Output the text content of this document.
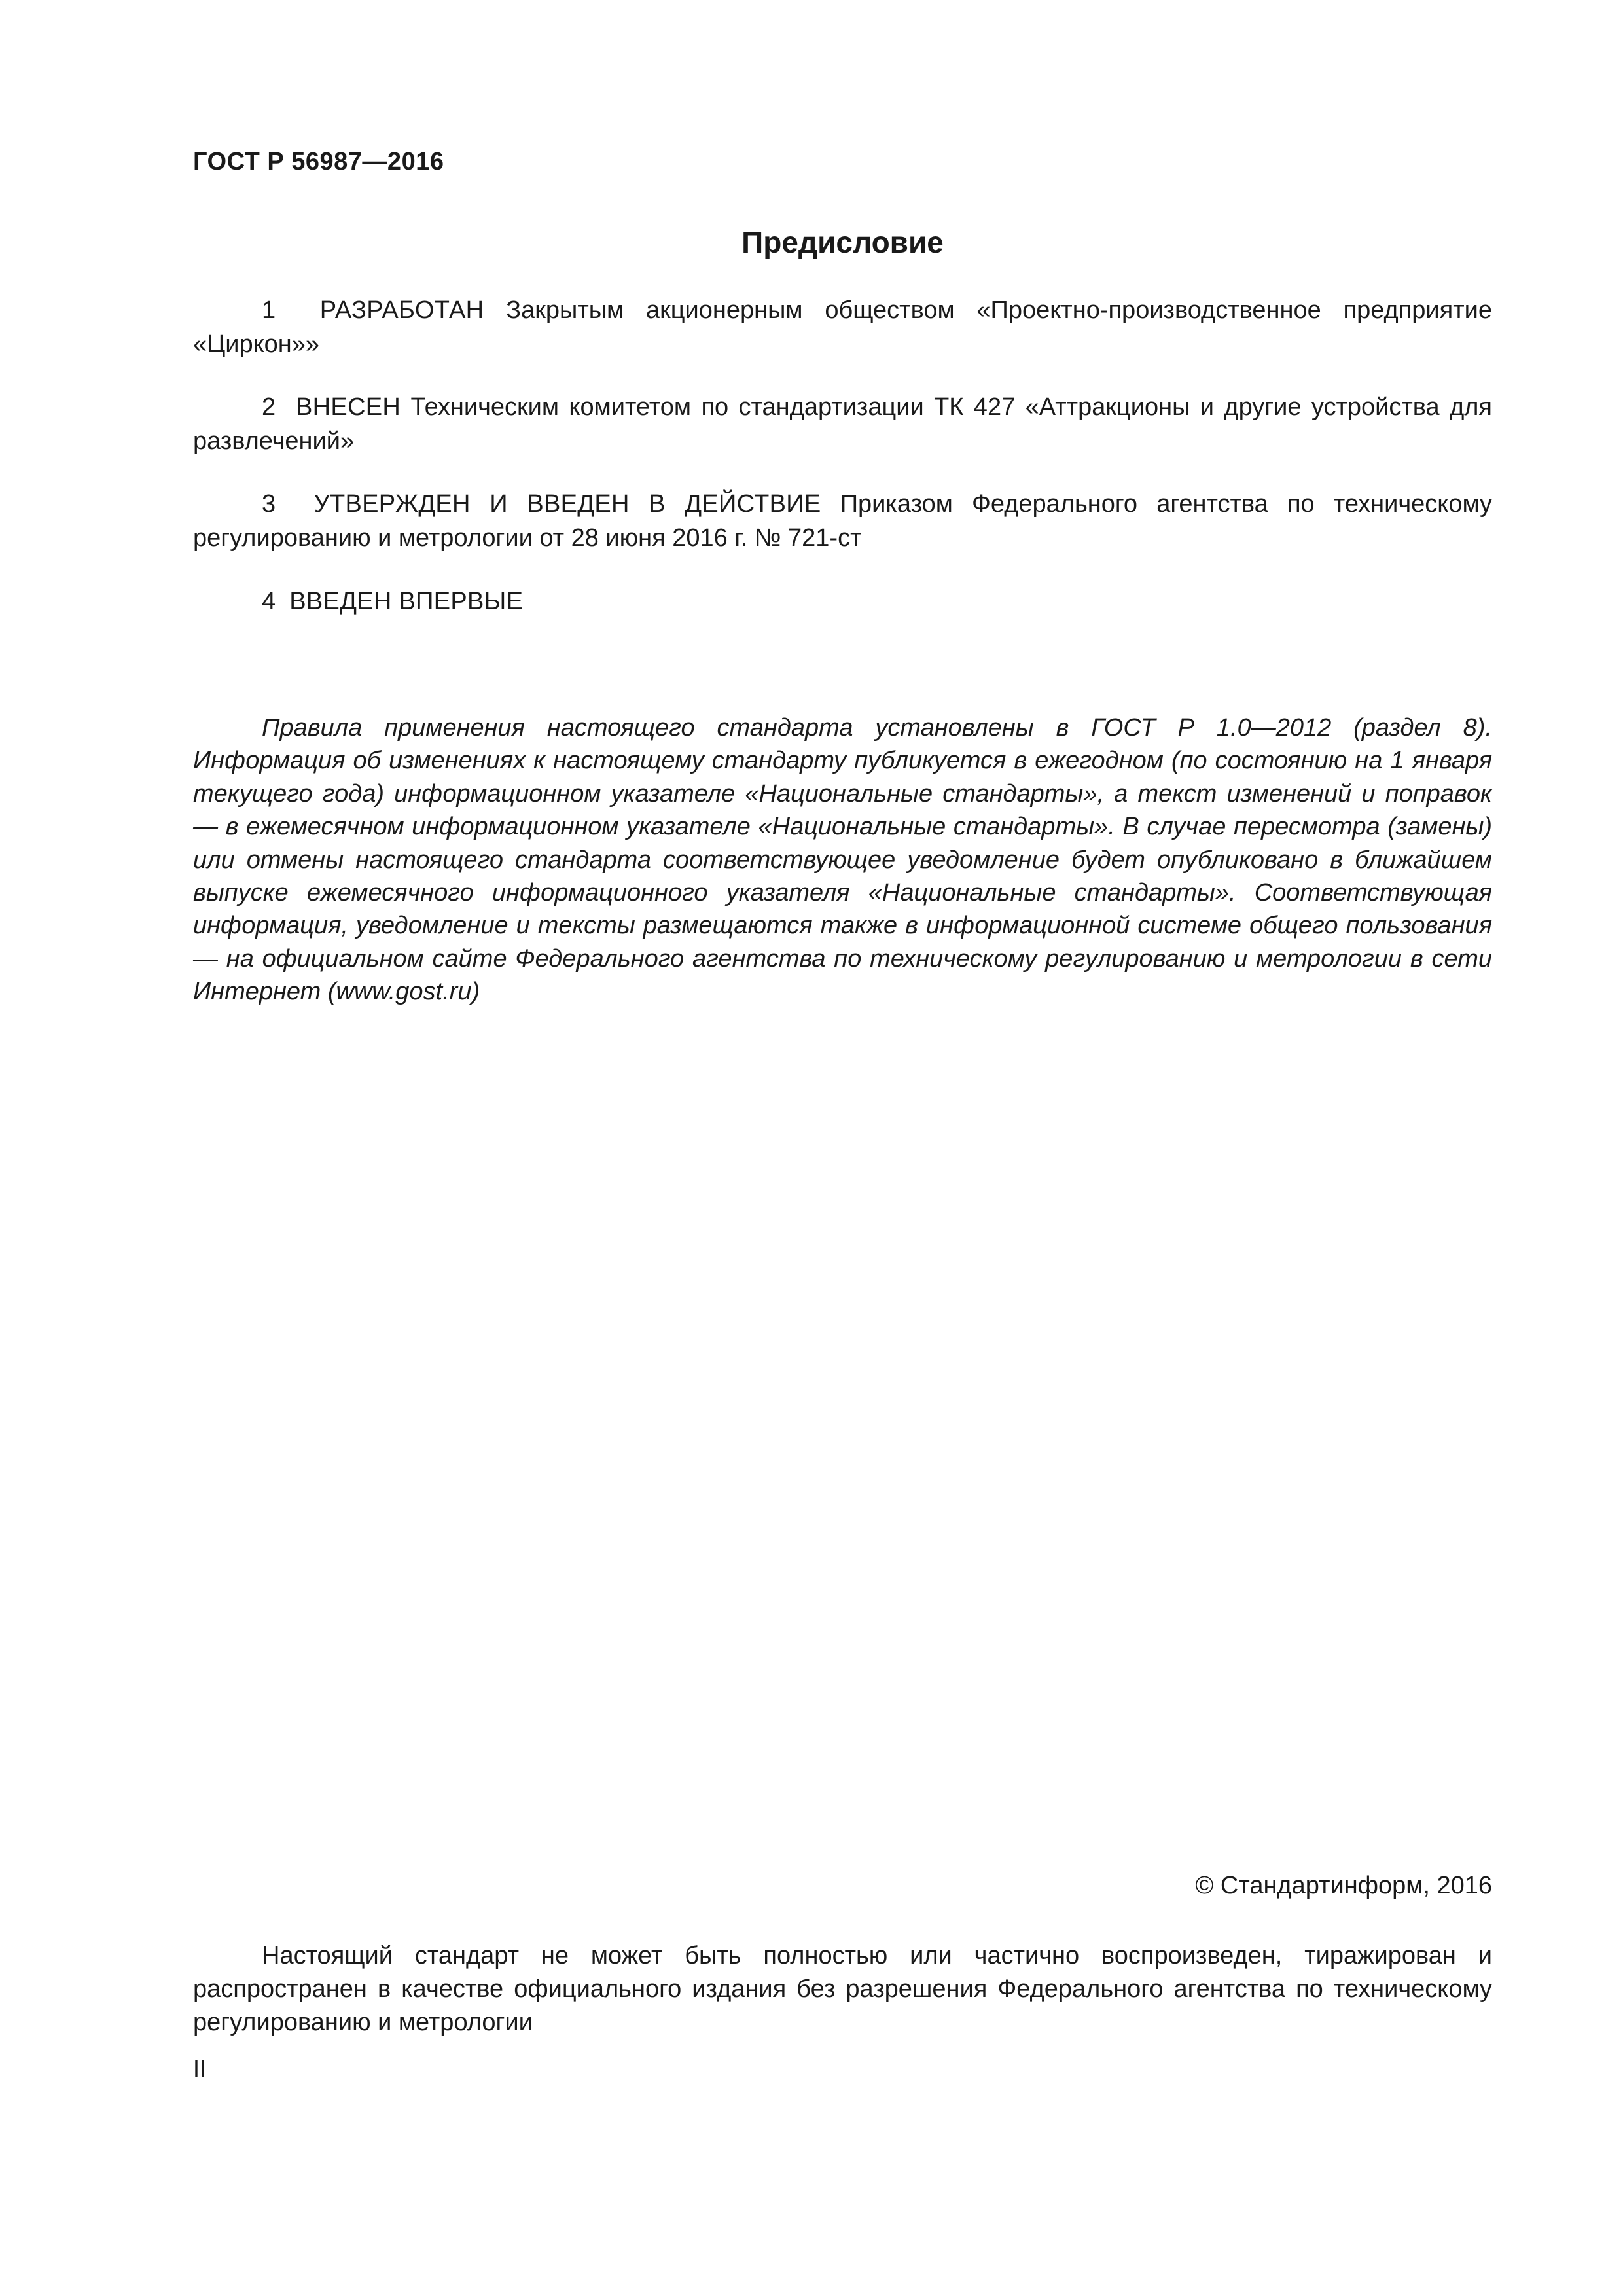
ГОСТ Р 56987—2016
Предисловие
1 РАЗРАБОТАН Закрытым акционерным обществом «Проектно-производственное предприятие «Циркон»»
2 ВНЕСЕН Техническим комитетом по стандартизации ТК 427 «Аттракционы и другие устройства для развлечений»
3 УТВЕРЖДЕН И ВВЕДЕН В ДЕЙСТВИЕ Приказом Федерального агентства по техническому регулированию и метрологии от 28 июня 2016 г. № 721-ст
4 ВВЕДЕН ВПЕРВЫЕ
Правила применения настоящего стандарта установлены в ГОСТ Р 1.0—2012 (раздел 8). Информация об изменениях к настоящему стандарту публикуется в ежегодном (по состоянию на 1 января текущего года) информационном указателе «Национальные стандарты», а текст изменений и поправок — в ежемесячном информационном указателе «Национальные стандарты». В случае пересмотра (замены) или отмены настоящего стандарта соответствующее уведомление будет опубликовано в ближайшем выпуске ежемесячного информационного указателя «Национальные стандарты». Соответствующая информация, уведомление и тексты размещаются также в информационной системе общего пользования — на официальном сайте Федерального агентства по техническому регулированию и метрологии в сети Интернет (www.gost.ru)
© Стандартинформ, 2016
Настоящий стандарт не может быть полностью или частично воспроизведен, тиражирован и распространен в качестве официального издания без разрешения Федерального агентства по техническому регулированию и метрологии
II
